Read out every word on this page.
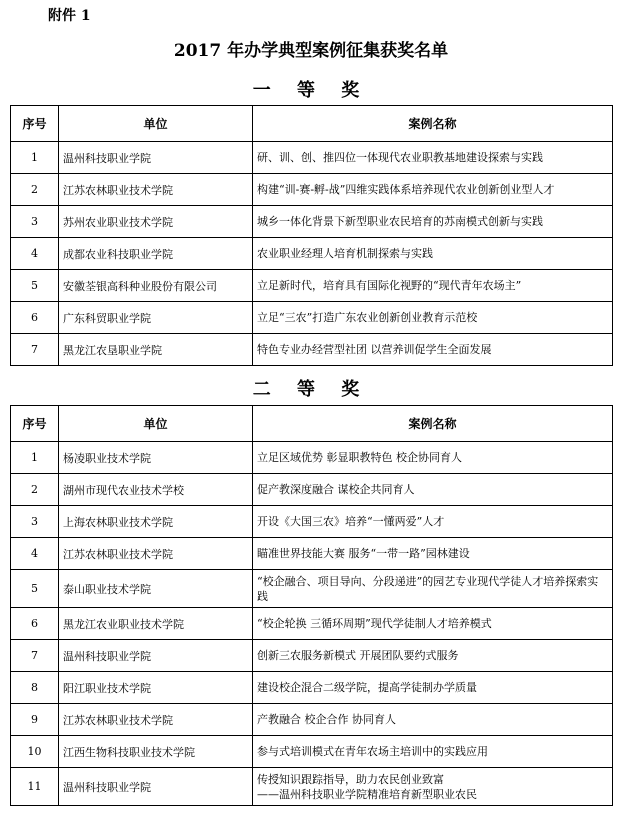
附件 1
2017 年办学典型案例征集获奖名单
一 等 奖
序号	单位	案例名称
1	温州科技职业学院	研、训、创、推四位一体现代农业职教基地建设探索与实践
2	江苏农林职业技术学院	构建“训-赛-孵-战”四维实践体系培养现代农业创新创业型人才
3	苏州农业职业技术学院	城乡一体化背景下新型职业农民培育的苏南模式创新与实践
4	成都农业科技职业学院	农业职业经理人培育机制探索与实践
5	安徽荃银高科种业股份有限公司	立足新时代，培育具有国际化视野的“现代青年农场主”
6	广东科贸职业学院	立足“三农”打造广东农业创新创业教育示范校
7	黑龙江农垦职业学院	特色专业办经营型社团 以营养训促学生全面发展
二 等 奖
序号	单位	案例名称
1	杨凌职业技术学院	立足区域优势 彰显职教特色 校企协同育人
2	湖州市现代农业技术学校	促产教深度融合 谋校企共同育人
3	上海农林职业技术学院	开设《大国三农》培养“一懂两爱”人才
4	江苏农林职业技术学院	瞄准世界技能大赛 服务“一带一路”园林建设
5	泰山职业技术学院	“校企融合、项目导向、分段递进”的园艺专业现代学徒人才培养探索实践
6	黑龙江农业职业技术学院	“校企轮换 三循环周期”现代学徒制人才培养模式
7	温州科技职业学院	创新三农服务新模式 开展团队要约式服务
8	阳江职业技术学院	建设校企混合二级学院，提高学徒制办学质量
9	江苏农林职业技术学院	产教融合 校企合作 协同育人
10	江西生物科技职业技术学院	参与式培训模式在青年农场主培训中的实践应用
11	温州科技职业学院	传授知识跟踪指导，助力农民创业致富
——温州科技职业学院精准培育新型职业农民
